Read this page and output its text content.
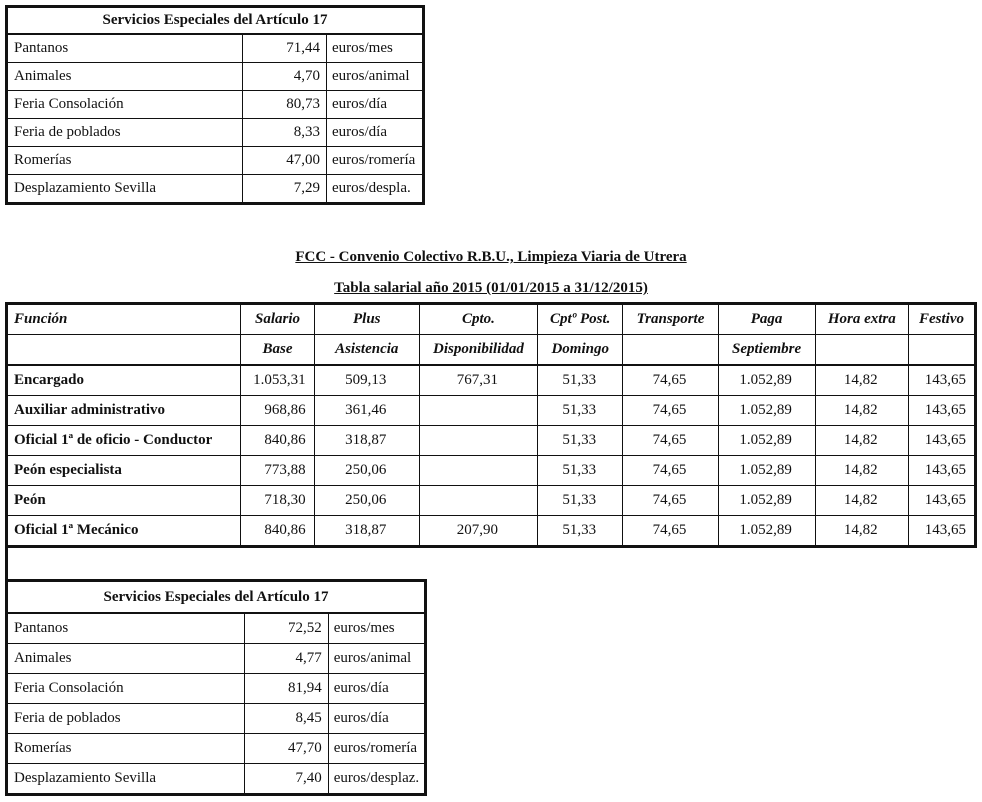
Servicios Especiales del Artículo 17		
Pantanos	71,44	euros/mes
Animales	4,70	euros/animal
Feria Consolación	80,73	euros/día
Feria de poblados	8,33	euros/día
Romerías	47,00	euros/romería
Desplazamiento Sevilla	7,29	euros/despla.
FCC - Convenio Colectivo R.B.U., Limpieza Viaria de Utrera
Tabla salarial año 2015 (01/01/2015 a 31/12/2015)
Función	Salario	Plus	Cpto.	Cptº Post.	Transporte	Paga	Hora extra	Festivo
	Base	Asistencia	Disponibilidad	Domingo		Septiembre		
Encargado	1.053,31	509,13	767,31	51,33	74,65	1.052,89	14,82	143,65
Auxiliar administrativo	968,86	361,46		51,33	74,65	1.052,89	14,82	143,65
Oficial 1ª de oficio - Conductor	840,86	318,87		51,33	74,65	1.052,89	14,82	143,65
Peón especialista	773,88	250,06		51,33	74,65	1.052,89	14,82	143,65
Peón	718,30	250,06		51,33	74,65	1.052,89	14,82	143,65
Oficial 1ª Mecánico	840,86	318,87	207,90	51,33	74,65	1.052,89	14,82	143,65
Servicios Especiales del Artículo 17		
Pantanos	72,52	euros/mes
Animales	4,77	euros/animal
Feria Consolación	81,94	euros/día
Feria de poblados	8,45	euros/día
Romerías	47,70	euros/romería
Desplazamiento Sevilla	7,40	euros/desplaz.
